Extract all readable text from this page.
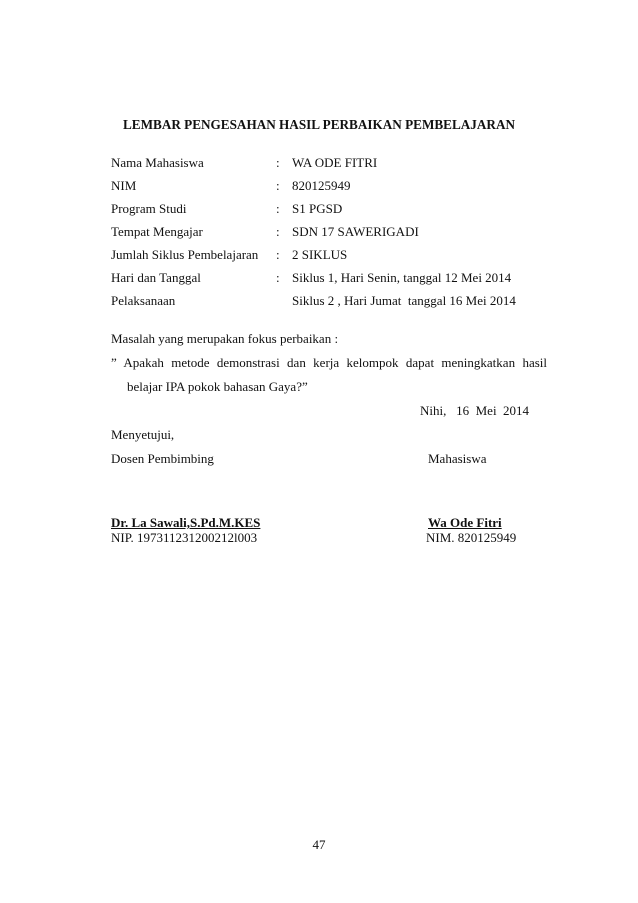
LEMBAR PENGESAHAN HASIL PERBAIKAN PEMBELAJARAN
Nama Mahasiswa	: WA ODE FITRI
NIM	: 820125949
Program Studi	: S1 PGSD
Tempat Mengajar	: SDN 17 SAWERIGADI
Jumlah Siklus Pembelajaran : 2 SIKLUS
Hari dan Tanggal	: Siklus 1, Hari Senin, tanggal 12 Mei 2014
Pelaksanaan	Siklus 2 , Hari Jumat  tanggal 16 Mei 2014
Masalah yang merupakan fokus perbaikan :
” Apakah metode demonstrasi dan kerja kelompok dapat meningkatkan hasil
belajar IPA pokok bahasan Gaya?”
Nihi,   16  Mei  2014
Menyetujui,
Dosen Pembimbing	Mahasiswa
Dr. La Sawali,S.Pd.M.KES
NIP. 197311231200212l003
Wa Ode Fitri
NIM. 820125949
47
